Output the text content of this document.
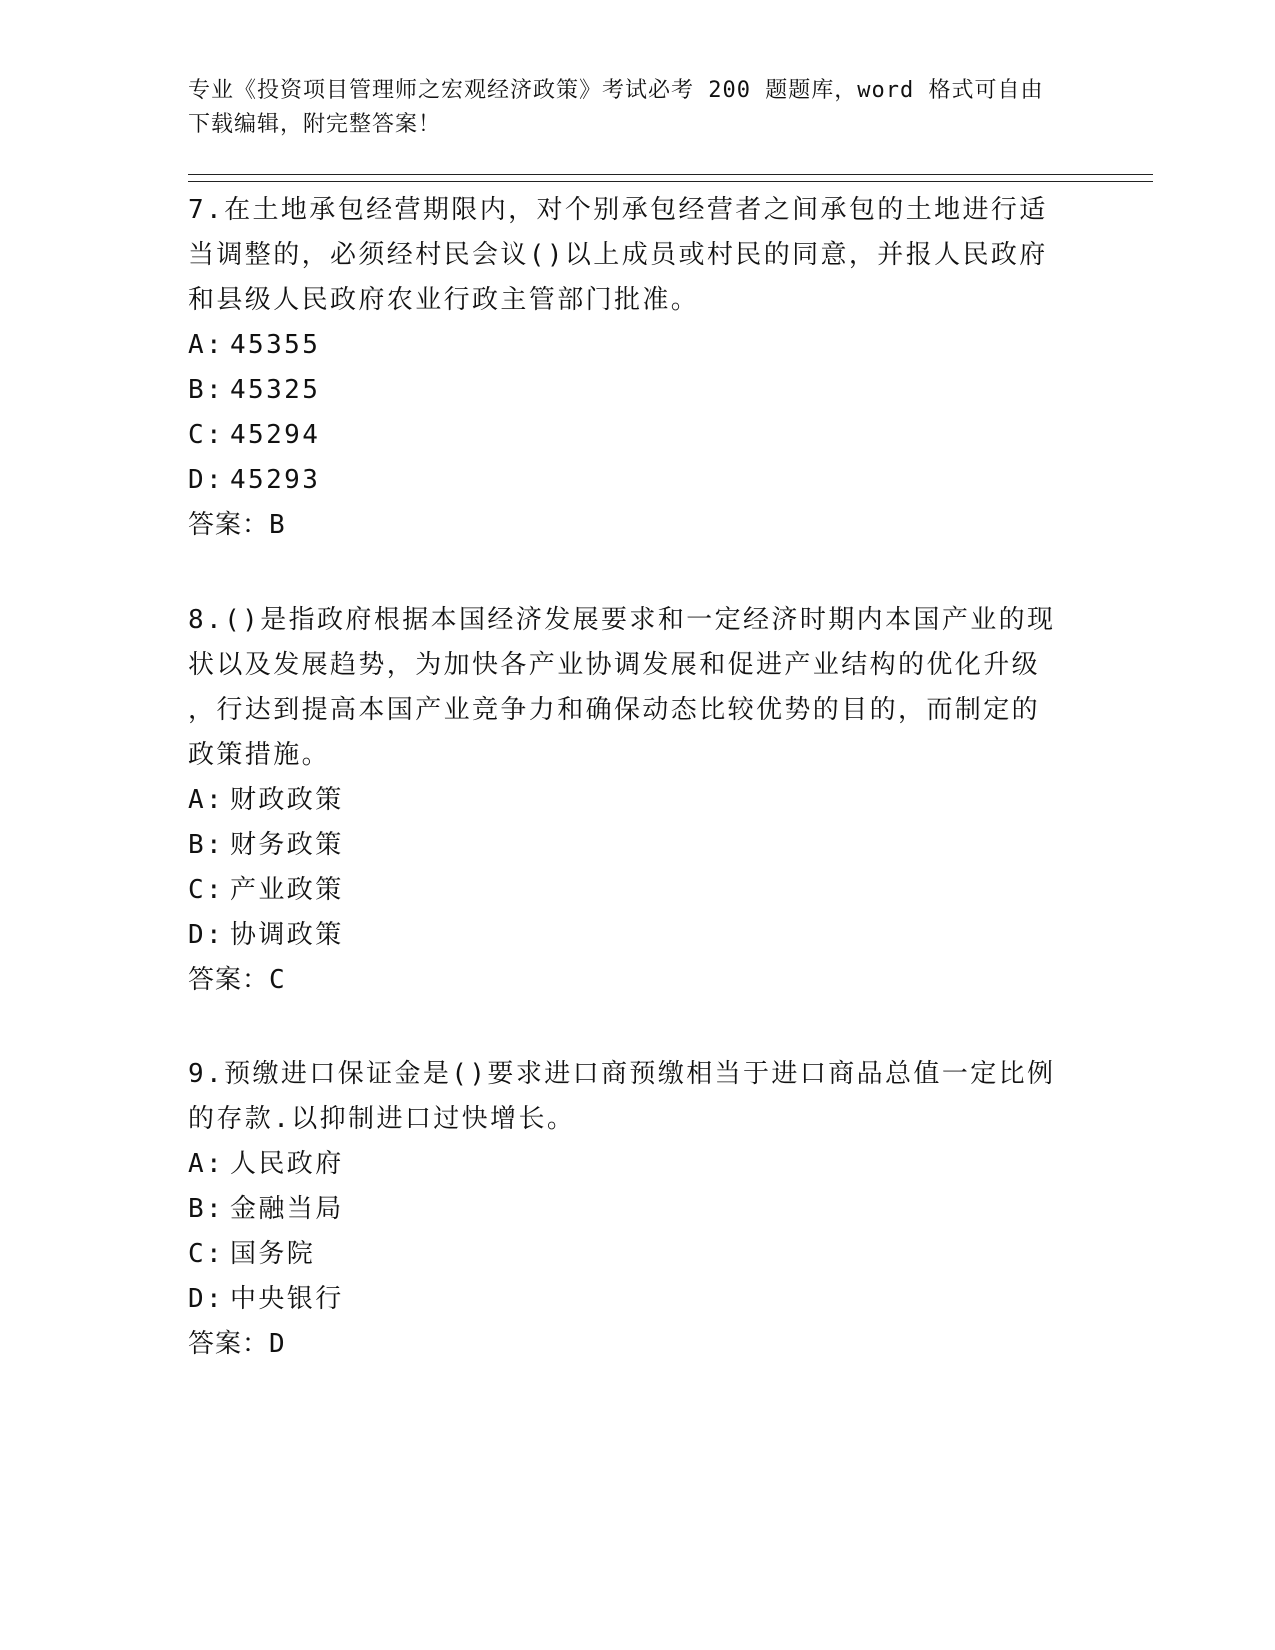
专业《投资项目管理师之宏观经济政策》考试必考 200 题题库，word 格式可自由
下载编辑，附完整答案！

7.在土地承包经营期限内，对个别承包经营者之间承包的土地进行适

当调整的，必须经村民会议()以上成员或村民的同意，并报人民政府

和县级人民政府农业行政主管部门批准。

A: 45355

B: 45325

C: 45294

D: 45293

答案：B

8.()是指政府根据本国经济发展要求和一定经济时期内本国产业的现

状以及发展趋势，为加快各产业协调发展和促进产业结构的优化升级

，行达到提高本国产业竞争力和确保动态比较优势的目的，而制定的

政策措施。

A: 财政政策

B: 财务政策

C: 产业政策

D: 协调政策

答案：C

9.预缴进口保证金是()要求进口商预缴相当于进口商品总值一定比例

的存款.以抑制进口过快增长。

A: 人民政府

B: 金融当局

C: 国务院

D: 中央银行

答案：D
